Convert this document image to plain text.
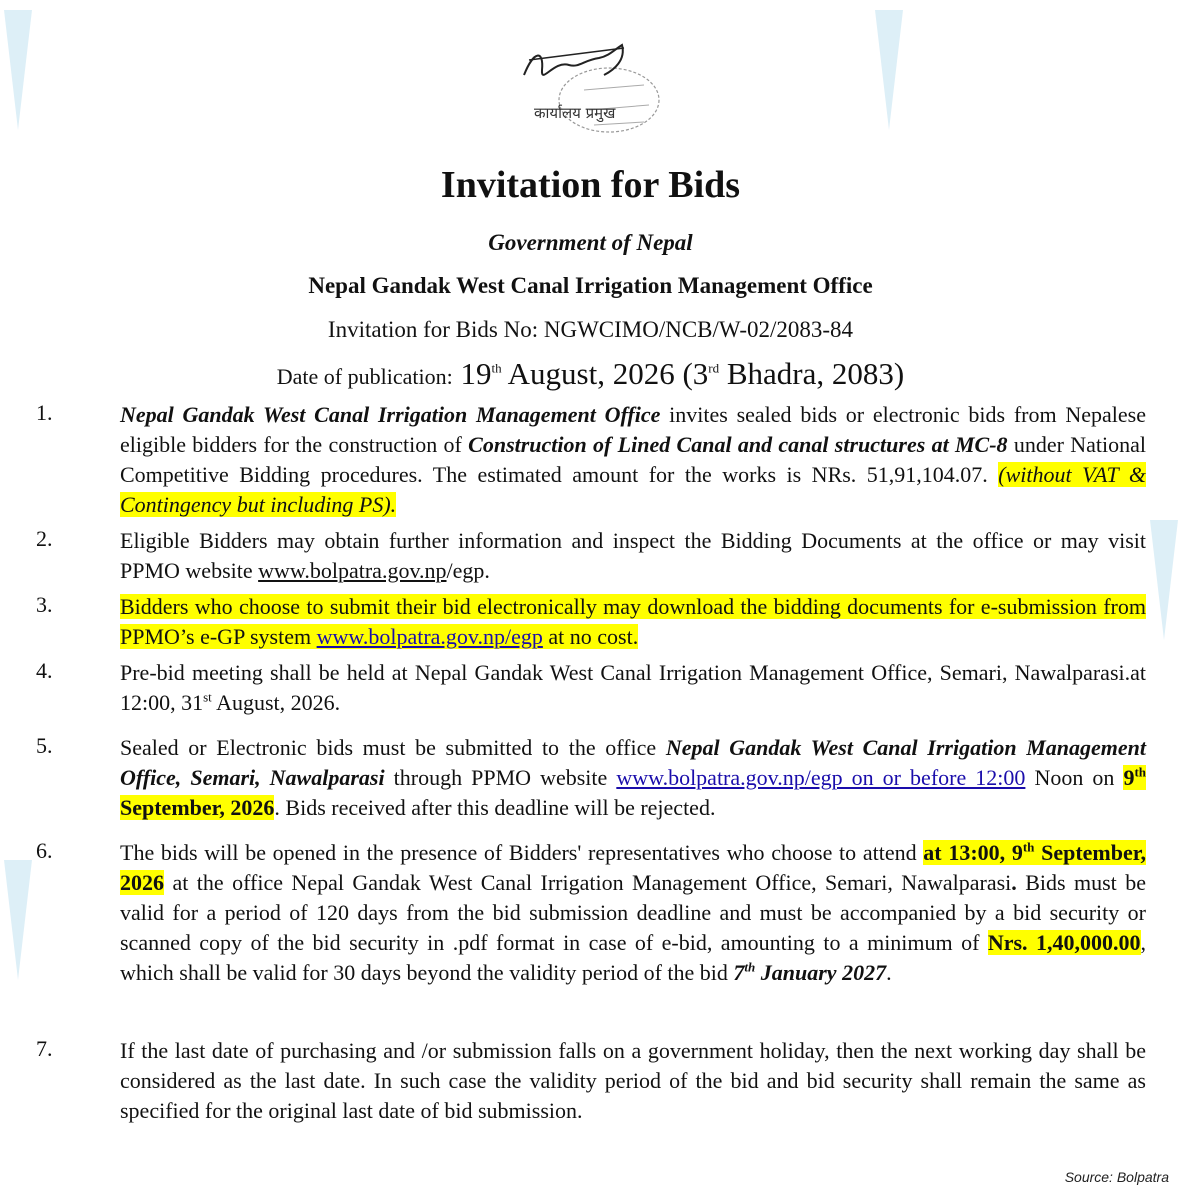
कार्यालय प्रमुख
Invitation for Bids
Government of Nepal
Nepal Gandak West Canal Irrigation Management Office
Invitation for Bids No: NGWCIMO/NCB/W-02/2083-84
Date of publication: 19th August, 2026 (3rd Bhadra, 2083)
1.	Nepal Gandak West Canal Irrigation Management Office invites sealed bids or electronic bids from Nepalese eligible bidders for the construction of Construction of Lined Canal and canal structures at MC-8 under National Competitive Bidding procedures. The estimated amount for the works is NRs. 51,91,104.07. (without VAT & Contingency but including PS).
2.	Eligible Bidders may obtain further information and inspect the Bidding Documents at the office or may visit PPMO website www.bolpatra.gov.np/egp.
3.	Bidders who choose to submit their bid electronically may download the bidding documents for e-submission from PPMO’s e-GP system www.bolpatra.gov.np/egp at no cost.
4.	Pre-bid meeting shall be held at Nepal Gandak West Canal Irrigation Management Office, Semari, Nawalparasi.at 12:00, 31st August, 2026.
5.	Sealed or Electronic bids must be submitted to the office Nepal Gandak West Canal Irrigation Management Office, Semari, Nawalparasi through PPMO website www.bolpatra.gov.np/egp on or before 12:00 Noon on 9th September, 2026. Bids received after this deadline will be rejected.
6.	The bids will be opened in the presence of Bidders' representatives who choose to attend at 13:00, 9th September, 2026 at the office Nepal Gandak West Canal Irrigation Management Office, Semari, Nawalparasi. Bids must be valid for a period of 120 days from the bid submission deadline and must be accompanied by a bid security or scanned copy of the bid security in .pdf format in case of e-bid, amounting to a minimum of Nrs. 1,40,000.00, which shall be valid for 30 days beyond the validity period of the bid 7th January 2027.
7.	If the last date of purchasing and /or submission falls on a government holiday, then the next working day shall be considered as the last date. In such case the validity period of the bid and bid security shall remain the same as specified for the original last date of bid submission.
Source: Bolpatra
